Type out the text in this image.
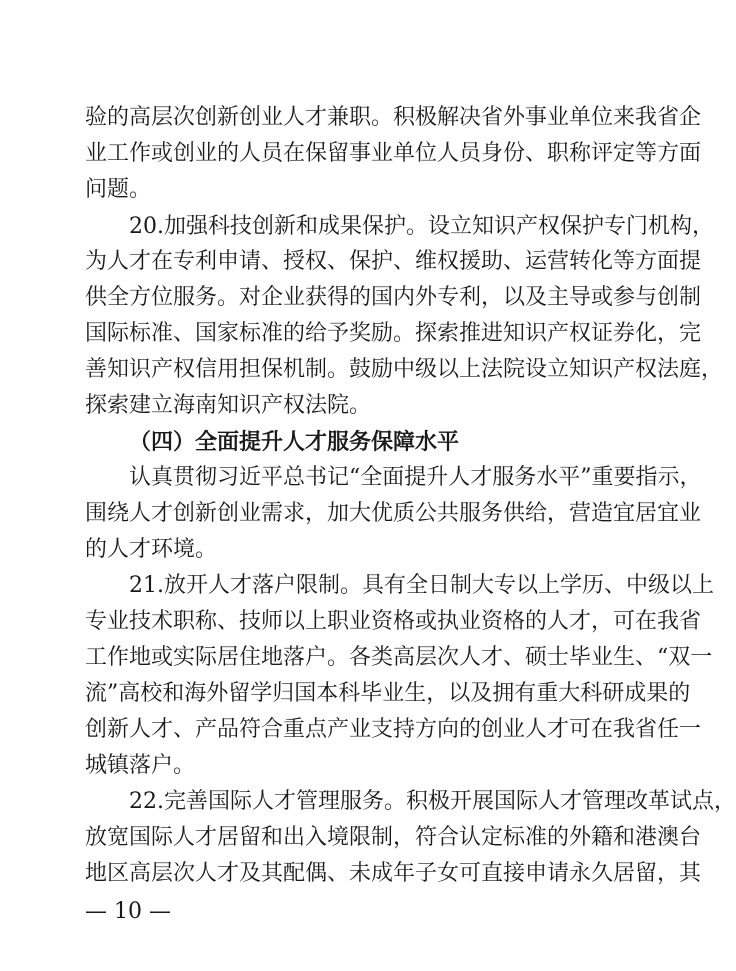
验的高层次创新创业人才兼职。积极解决省外事业单位来我省企
业工作或创业的人员在保留事业单位人员身份、职称评定等方面
问题。
20.加强科技创新和成果保护。设立知识产权保护专门机构，
为人才在专利申请、授权、保护、维权援助、运营转化等方面提
供全方位服务。对企业获得的国内外专利，以及主导或参与创制
国际标准、国家标准的给予奖励。探索推进知识产权证券化，完
善知识产权信用担保机制。鼓励中级以上法院设立知识产权法庭，
探索建立海南知识产权法院。
（四）全面提升人才服务保障水平
认真贯彻习近平总书记“全面提升人才服务水平”重要指示，
围绕人才创新创业需求，加大优质公共服务供给，营造宜居宜业
的人才环境。
21.放开人才落户限制。具有全日制大专以上学历、中级以上
专业技术职称、技师以上职业资格或执业资格的人才，可在我省
工作地或实际居住地落户。各类高层次人才、硕士毕业生、“双一
流”高校和海外留学归国本科毕业生，以及拥有重大科研成果的
创新人才、产品符合重点产业支持方向的创业人才可在我省任一
城镇落户。
22.完善国际人才管理服务。积极开展国际人才管理改革试点，
放宽国际人才居留和出入境限制，符合认定标准的外籍和港澳台
地区高层次人才及其配偶、未成年子女可直接申请永久居留，其
— 10 —
